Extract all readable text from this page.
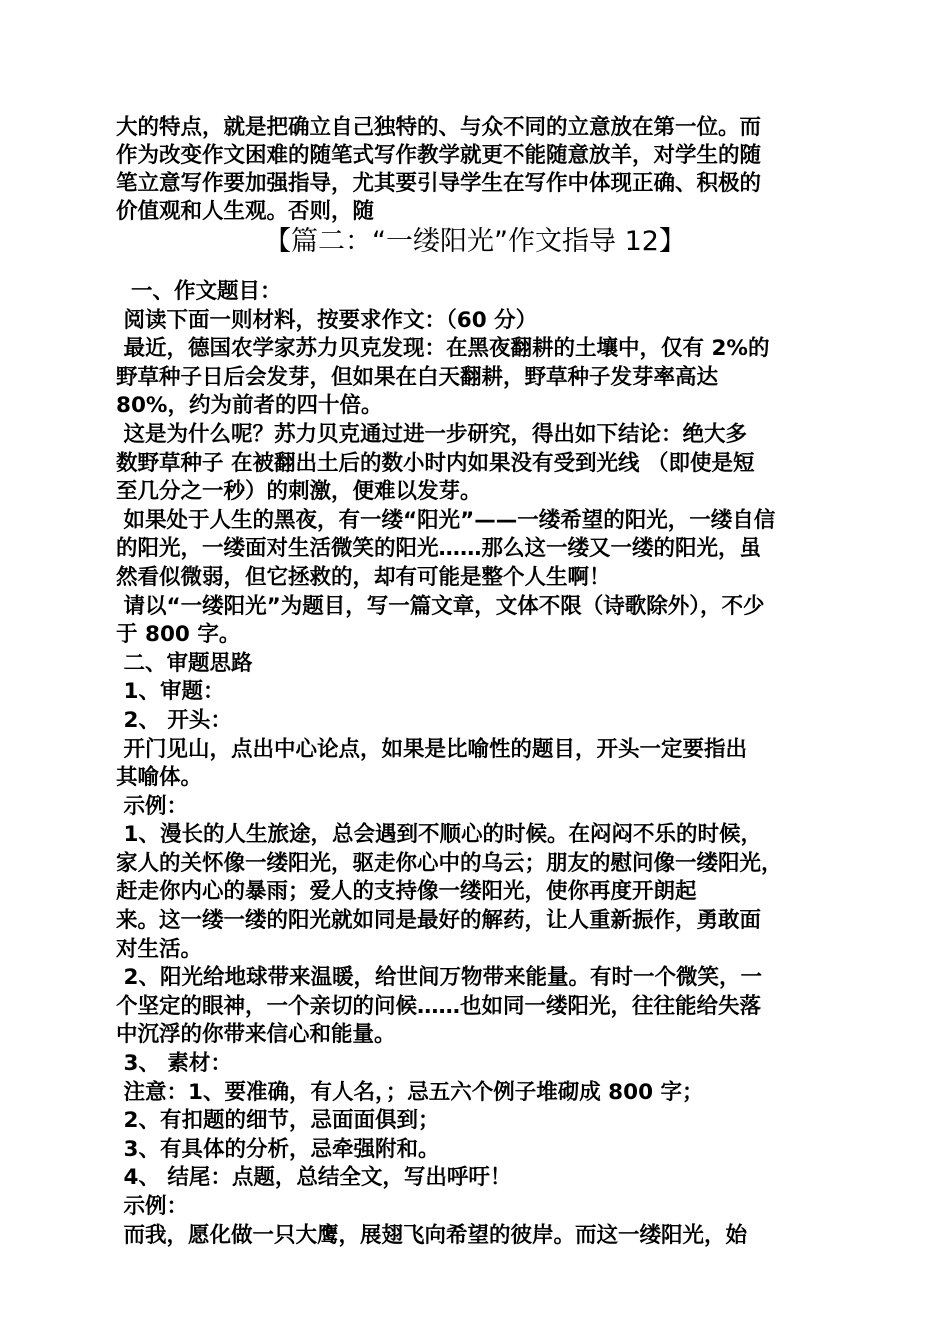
大的特点，就是把确立自己独特的、与众不同的立意放在第一位。而
作为改变作文困难的随笔式写作教学就更不能随意放羊，对学生的随
笔立意写作要加强指导，尤其要引导学生在写作中体现正确、积极的
价值观和人生观。否则，随
【篇二：“一缕阳光”作文指导 12】
一、作文题目：
阅读下面一则材料，按要求作文：（60 分）
最近，德国农学家苏力贝克发现：在黑夜翻耕的土壤中，仅有 2%的
野草种子日后会发芽，但如果在白天翻耕，野草种子发芽率高达
80%，约为前者的四十倍。
这是为什么呢？苏力贝克通过进一步研究，得出如下结论：绝大多
数野草种子 在被翻出土后的数小时内如果没有受到光线 （即使是短
至几分之一秒）的刺激，便难以发芽。
如果处于人生的黑夜，有一缕“阳光”——一缕希望的阳光，一缕自信
的阳光，一缕面对生活微笑的阳光……那么这一缕又一缕的阳光，虽
然看似微弱，但它拯救的，却有可能是整个人生啊！
请以“一缕阳光”为题目，写一篇文章，文体不限（诗歌除外），不少
于 800 字。
二、审题思路
1、审题：
2、 开头：
开门见山，点出中心论点，如果是比喻性的题目，开头一定要指出
其喻体。
示例：
1、漫长的人生旅途，总会遇到不顺心的时候。在闷闷不乐的时候，
家人的关怀像一缕阳光，驱走你心中的乌云；朋友的慰问像一缕阳光，
赶走你内心的暴雨；爱人的支持像一缕阳光，使你再度开朗起
来。这一缕一缕的阳光就如同是最好的解药，让人重新振作，勇敢面
对生活。
2、阳光给地球带来温暖，给世间万物带来能量。有时一个微笑，一
个坚定的眼神，一个亲切的问候……也如同一缕阳光，往往能给失落
中沉浮的你带来信心和能量。
3、 素材：
注意：1、要准确，有人名，；忌五六个例子堆砌成 800 字；
2、有扣题的细节，忌面面俱到；
3、有具体的分析，忌牵强附和。
4、 结尾：点题，总结全文，写出呼吁！
示例：
而我，愿化做一只大鹰，展翅飞向希望的彼岸。而这一缕阳光，始
